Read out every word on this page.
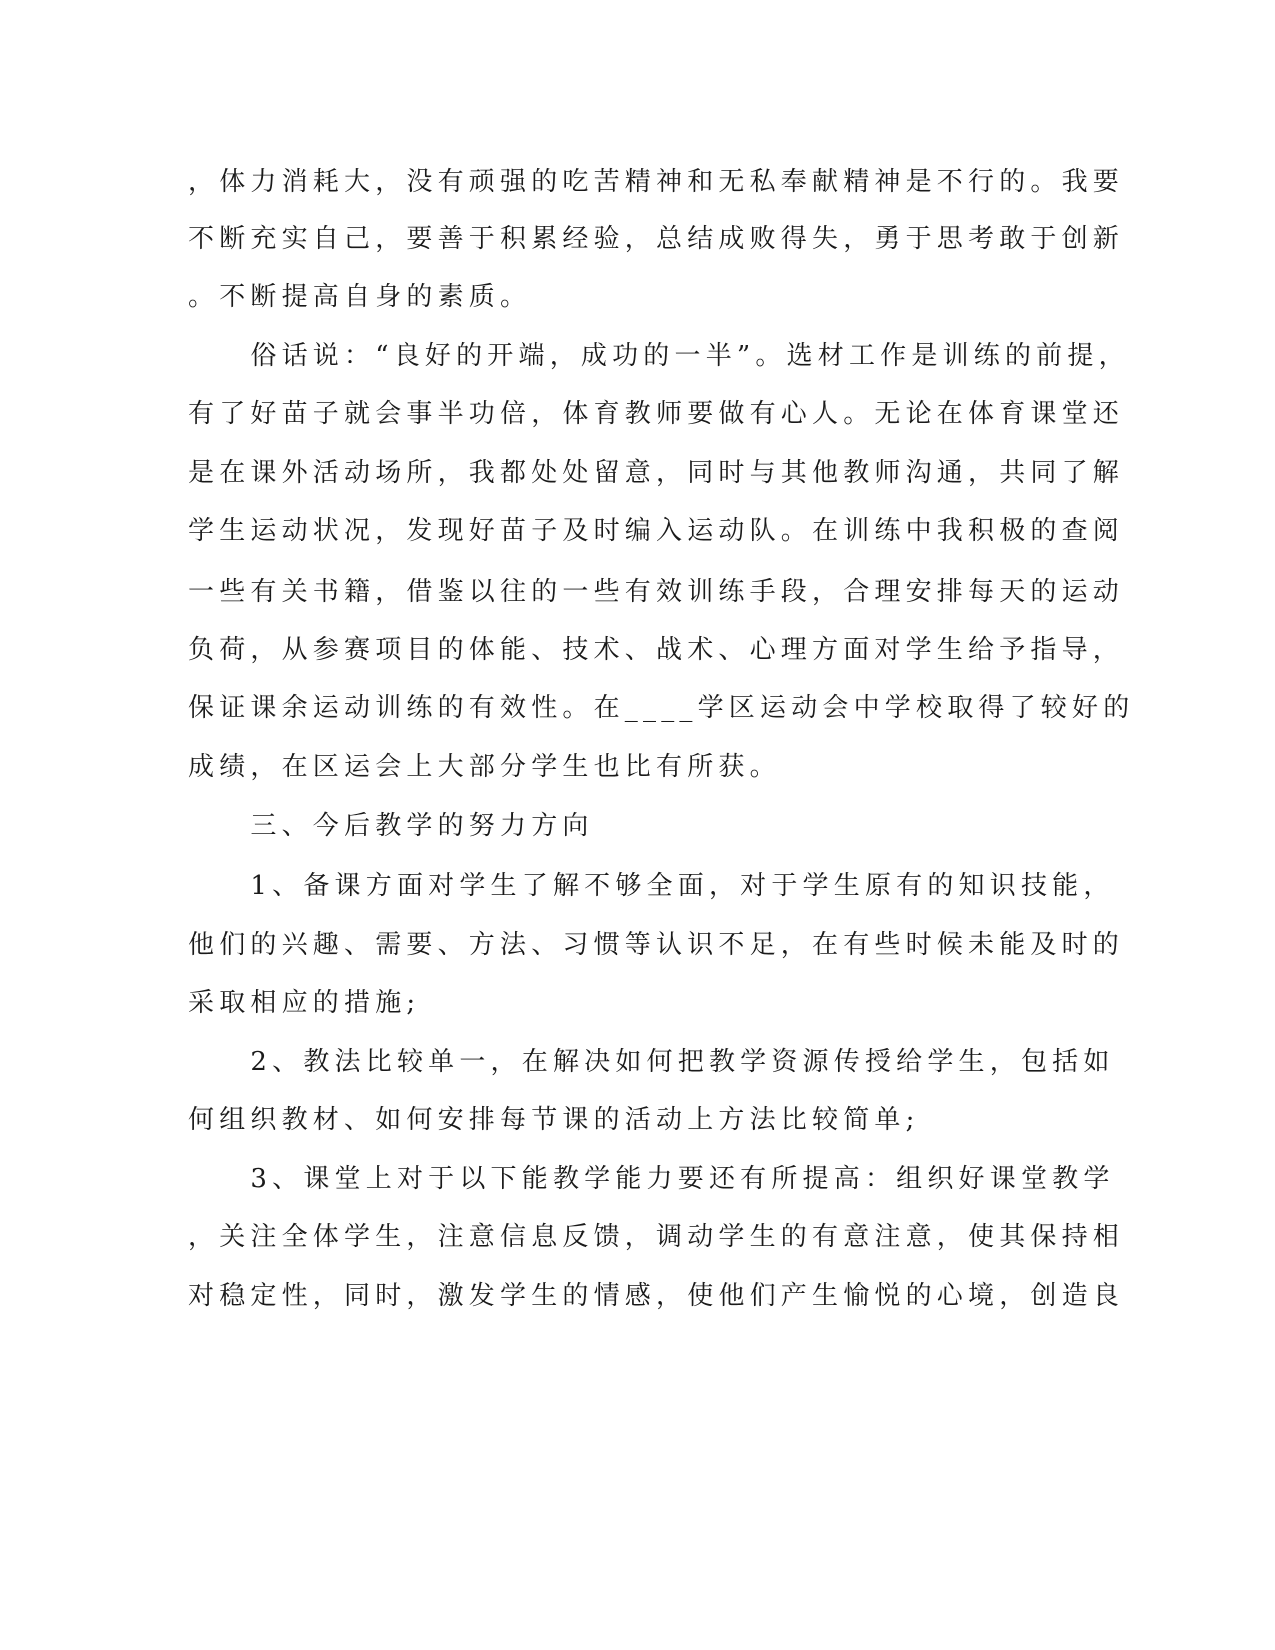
，体力消耗大，没有顽强的吃苦精神和无私奉献精神是不行的。我要
不断充实自己，要善于积累经验，总结成败得失，勇于思考敢于创新
。不断提高自身的素质。
　　俗话说：“良好的开端，成功的一半”。选材工作是训练的前提，
有了好苗子就会事半功倍，体育教师要做有心人。无论在体育课堂还
是在课外活动场所，我都处处留意，同时与其他教师沟通，共同了解
学生运动状况，发现好苗子及时编入运动队。在训练中我积极的查阅
一些有关书籍，借鉴以往的一些有效训练手段，合理安排每天的运动
负荷，从参赛项目的体能、技术、战术、心理方面对学生给予指导，
保证课余运动训练的有效性。在____学区运动会中学校取得了较好的
成绩，在区运会上大部分学生也比有所获。
　　三、今后教学的努力方向
　　1、备课方面对学生了解不够全面，对于学生原有的知识技能，
他们的兴趣、需要、方法、习惯等认识不足，在有些时候未能及时的
采取相应的措施;
　　2、教法比较单一，在解决如何把教学资源传授给学生，包括如
何组织教材、如何安排每节课的活动上方法比较简单;
　　3、课堂上对于以下能教学能力要还有所提高：组织好课堂教学
，关注全体学生，注意信息反馈，调动学生的有意注意，使其保持相
对稳定性，同时，激发学生的情感，使他们产生愉悦的心境，创造良
